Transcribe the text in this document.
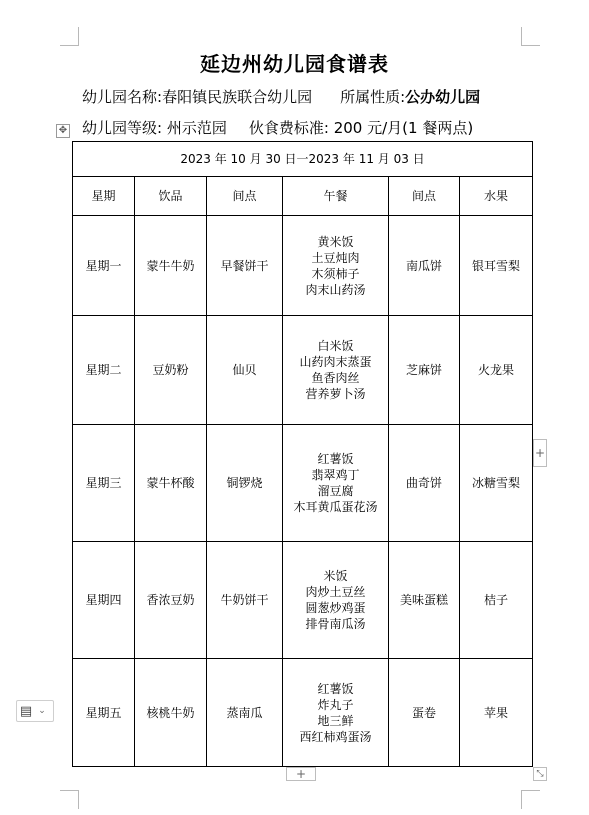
延边州幼儿园食谱表
幼儿园名称:春阳镇民族联合幼儿园 所属性质:公办幼儿园
幼儿园等级: 州示范园 伙食费标准: 200 元/月(1 餐两点)
✥
2023 年 10 月 30 日一2023 年 11 月 03 日					
星期	饮品	间点	午餐	间点	水果
星期一	蒙牛牛奶	早餐饼干	黄米饭
土豆炖肉
木须柿子
肉末山药汤	南瓜饼	银耳雪梨
星期二	豆奶粉	仙贝	白米饭
山药肉末蒸蛋
鱼香肉丝
营养萝卜汤	芝麻饼	火龙果
星期三	蒙牛杯酸	铜锣烧	红薯饭
翡翠鸡丁
溜豆腐
木耳黄瓜蛋花汤	曲奇饼	冰糖雪梨
星期四	香浓豆奶	牛奶饼干	米饭
肉炒土豆丝
圆葱炒鸡蛋
排骨南瓜汤	美味蛋糕	桔子
星期五	核桃牛奶	蒸南瓜	红薯饭
炸丸子
地三鲜
西红柿鸡蛋汤	蛋卷	苹果
+
+	⤡
▤ ⌄
